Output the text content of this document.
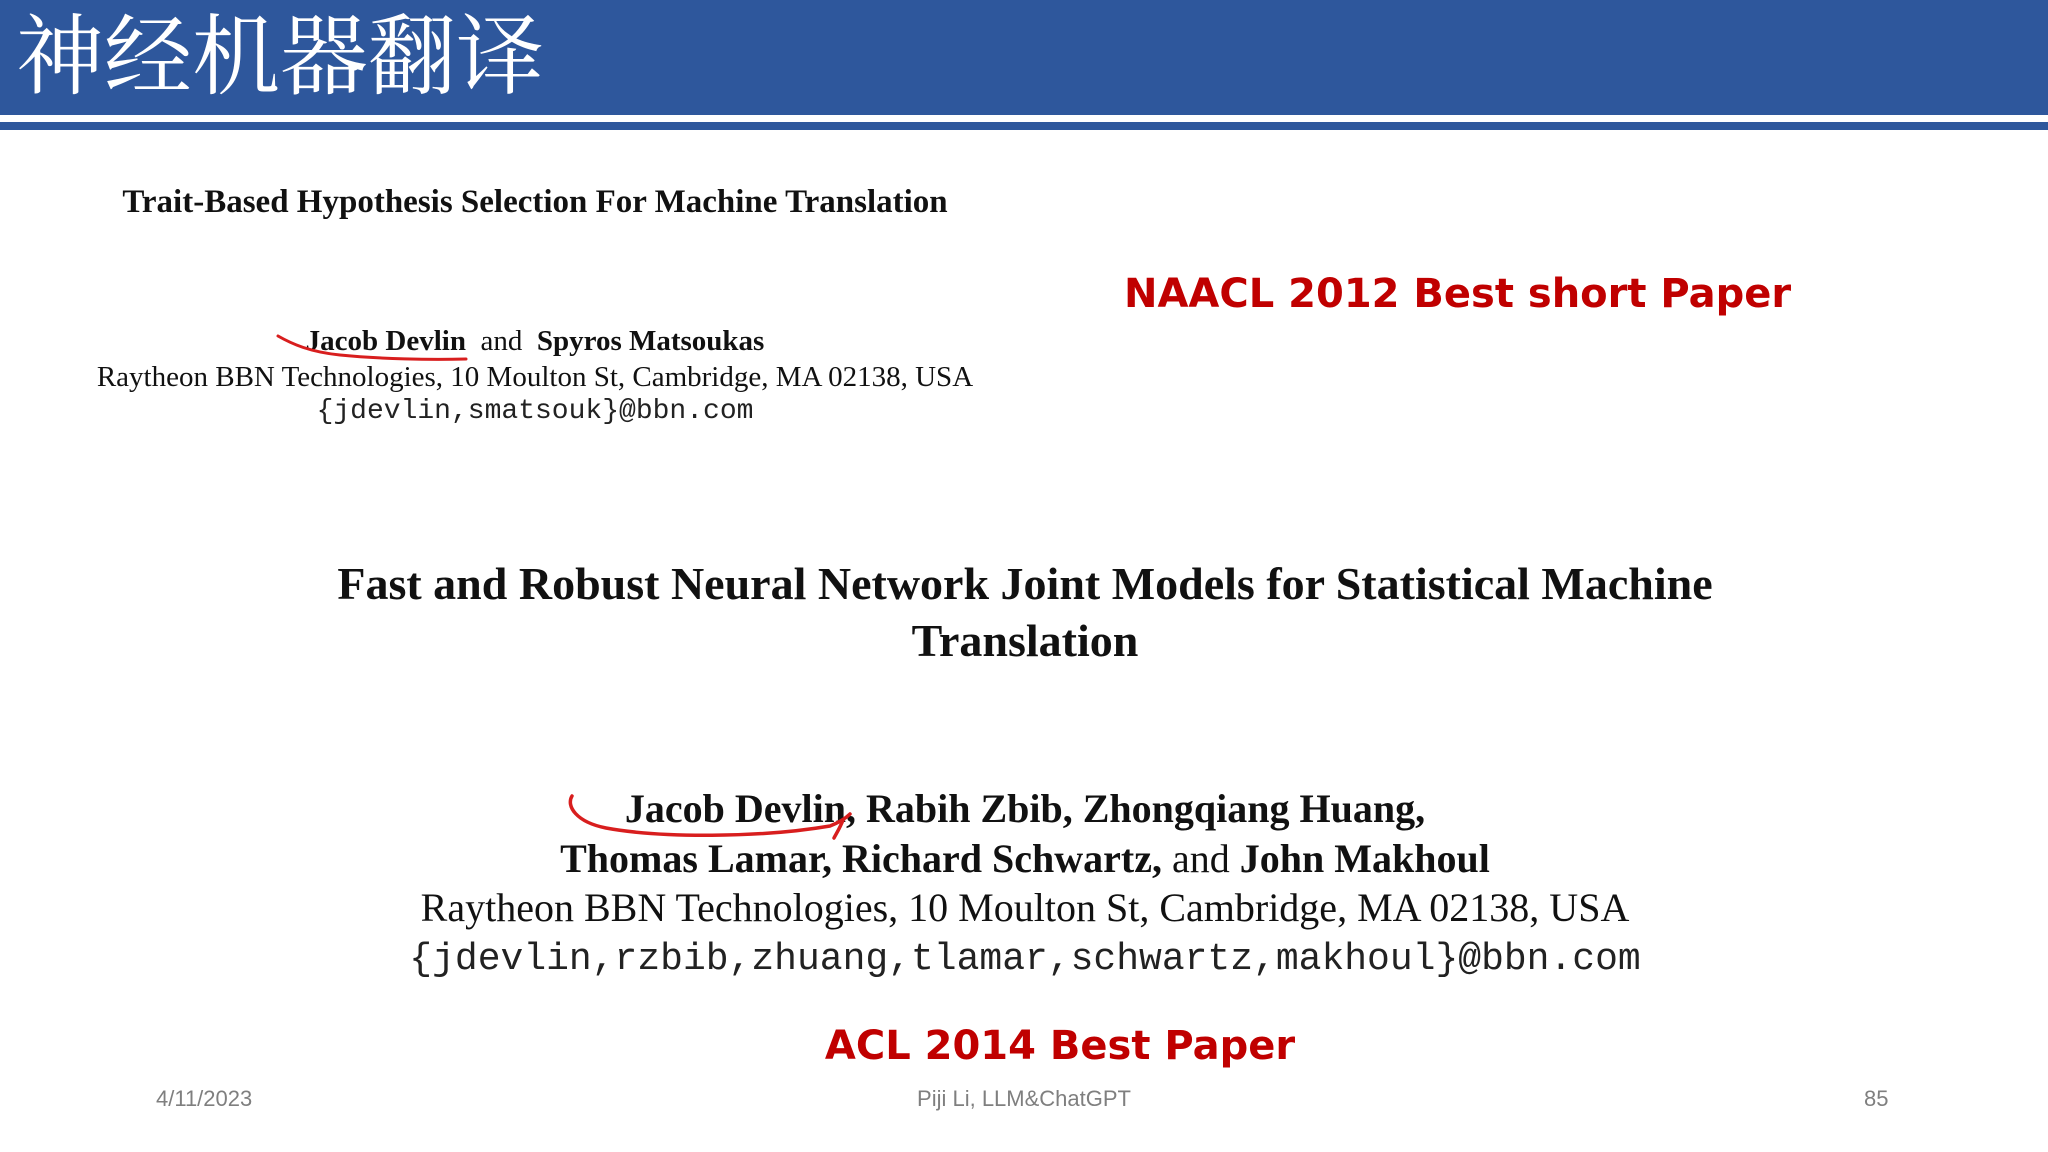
神经机器翻译
Trait-Based Hypothesis Selection For Machine Translation
Jacob Devlin and Spyros Matsoukas
Raytheon BBN Technologies, 10 Moulton St, Cambridge, MA 02138, USA
{jdevlin,smatsouk}@bbn.com
NAACL 2012 Best short Paper
Fast and Robust Neural Network Joint Models for Statistical Machine
Translation
Jacob Devlin, Rabih Zbib, Zhongqiang Huang,
Thomas Lamar, Richard Schwartz, and John Makhoul
Raytheon BBN Technologies, 10 Moulton St, Cambridge, MA 02138, USA
{jdevlin,rzbib,zhuang,tlamar,schwartz,makhoul}@bbn.com
ACL 2014 Best Paper
4/11/2023	Piji Li, LLM&ChatGPT	85
